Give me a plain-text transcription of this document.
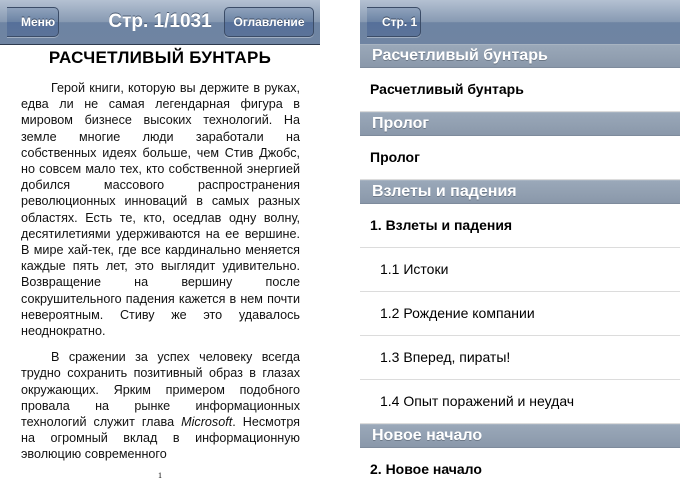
Стр. 1/1031
Меню	Оглавление
РАСЧЕТЛИВЫЙ БУНТАРЬ

Герой книги, которую вы держите в руках, едва ли не самая легендарная фигура в мировом бизнесе высоких технологий. На земле многие люди заработали на собственных идеях больше, чем Стив Джобс, но совсем мало тех, кто собственной энергией добился массового распространения революционных инноваций в самых разных областях. Есть те, кто, оседлав одну волну, десятилетиями удерживаются на ее вершине. В мире хай-тек, где все кардинально меняется каждые пять лет, это выглядит удивительно. Возвращение на вершину после сокрушительного падения кажется в нем почти невероятным. Стиву же это удавалось неоднократно.

В сражении за успех человеку всегда трудно сохранить позитивный образ в глазах окружающих. Ярким примером подобного провала на рынке информационных технологий служит глава Microsoft. Несмотря на огромный вклад в информационную эволюцию современного

1
Стр. 1
Расчетливый бунтарь
Расчетливый бунтарь
Пролог
Пролог
Взлеты и падения
1. Взлеты и падения
1.1 Истоки
1.2 Рождение компании
1.3 Вперед, пираты!
1.4 Опыт поражений и неудач
Новое начало
2. Новое начало
